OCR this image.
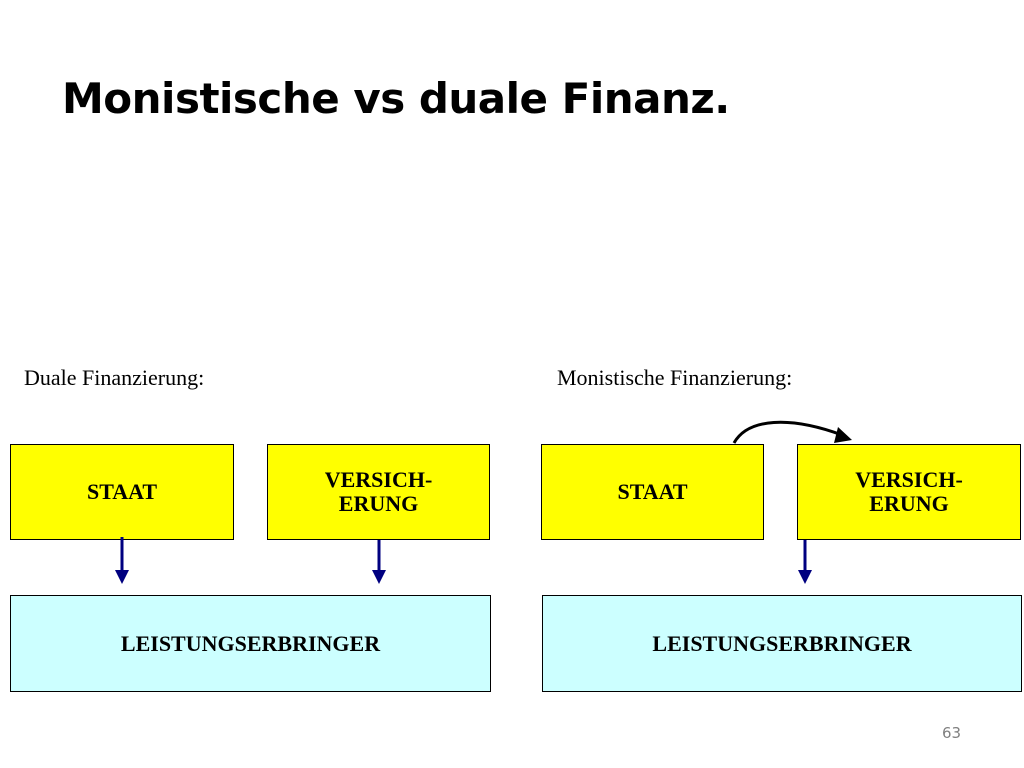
Monistische vs duale Finanz.

Duale Finanzierung:

STAAT	VERSICH-
ERUNG
LEISTUNGSERBRINGER

Monistische Finanzierung:

STAAT	VERSICH-
ERUNG
LEISTUNGSERBRINGER
63
